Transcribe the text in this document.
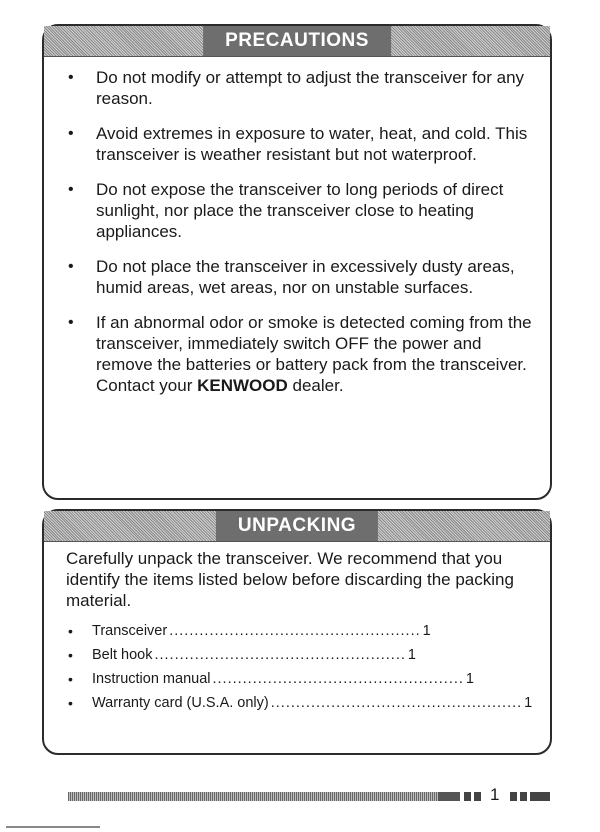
PRECAUTIONS
• Do not modify or attempt to adjust the transceiver for any reason.
• Avoid extremes in exposure to water, heat, and cold. This transceiver is weather resistant but not waterproof.
• Do not expose the transceiver to long periods of direct sunlight, nor place the transceiver close to heating appliances.
• Do not place the transceiver in excessively dusty areas, humid areas, wet areas, nor on unstable surfaces.
• If an abnormal odor or smoke is detected coming from the transceiver, immediately switch OFF the power and remove the batteries or battery pack from the transceiver. Contact your KENWOOD dealer.
UNPACKING

Carefully unpack the transceiver. We recommend that you identify the items listed below before discarding the packing material.

• Transceiver .................................................. 1
• Belt hook .................................................. 1
• Instruction manual .................................................. 1
• Warranty card (U.S.A. only) .................................................. 1
1
